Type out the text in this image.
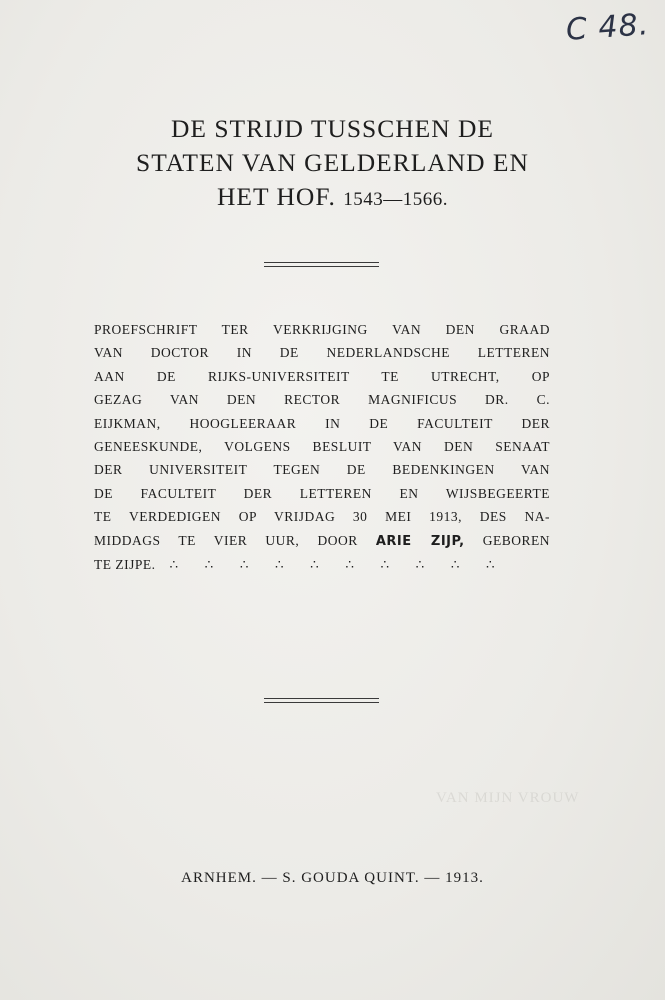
C 48.
DE STRIJD TUSSCHEN DE
STATEN VAN GELDERLAND EN
HET HOF. 1543—1566.
PROEFSCHRIFT TER VERKRIJGING VAN DEN GRAAD
VAN DOCTOR IN DE NEDERLANDSCHE LETTEREN
AAN DE RIJKS-UNIVERSITEIT TE UTRECHT, OP
GEZAG VAN DEN RECTOR MAGNIFICUS DR. C.
EIJKMAN, HOOGLEERAAR IN DE FACULTEIT DER
GENEESKUNDE, VOLGENS BESLUIT VAN DEN SENAAT
DER UNIVERSITEIT TEGEN DE BEDENKINGEN VAN
DE FACULTEIT DER LETTEREN EN WIJSBEGEERTE
TE VERDEDIGEN OP VRIJDAG 30 MEI 1913, DES NA-
MIDDAGS TE VIER UUR, DOOR ARIE ZIJP, GEBOREN
TE ZIJPE. ∴ ∴ ∴ ∴ ∴ ∴ ∴ ∴ ∴ ∴
VAN MIJN VROUW
ARNHEM. — S. GOUDA QUINT. — 1913.
